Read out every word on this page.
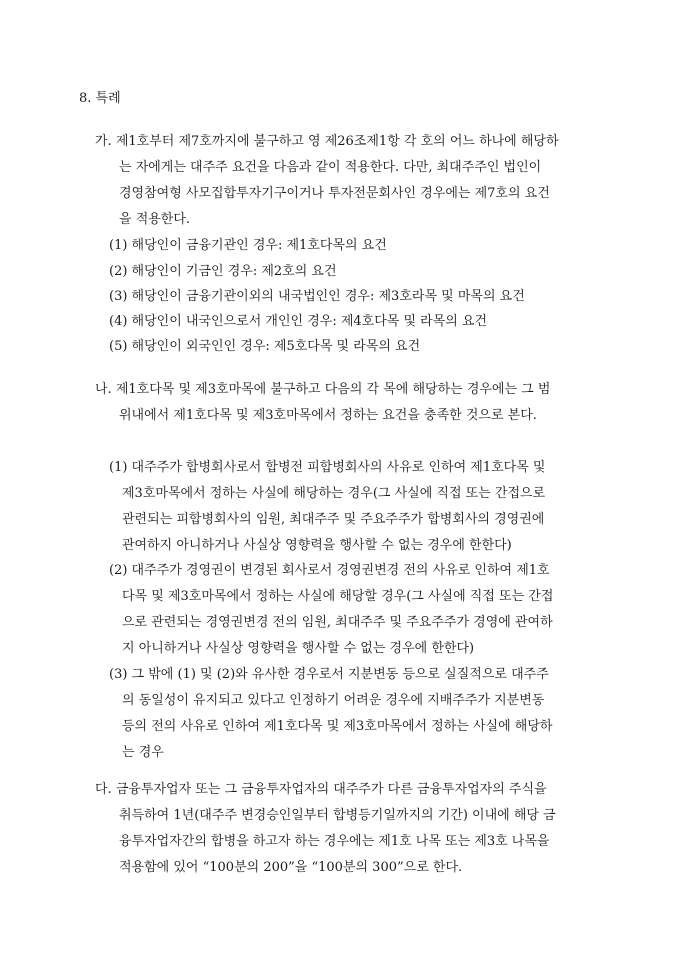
8. 특례
가. 제1호부터 제7호까지에 불구하고 영 제26조제1항 각 호의 어느 하나에 해당하
는 자에게는 대주주 요건을 다음과 같이 적용한다. 다만, 최대주주인 법인이
경영참여형 사모집합투자기구이거나 투자전문회사인 경우에는 제7호의 요건
을 적용한다.
(1) 해당인이 금융기관인 경우: 제1호다목의 요건
(2) 해당인이 기금인 경우: 제2호의 요건
(3) 해당인이 금융기관이외의 내국법인인 경우: 제3호라목 및 마목의 요건
(4) 해당인이 내국인으로서 개인인 경우: 제4호다목 및 라목의 요건
(5) 해당인이 외국인인 경우: 제5호다목 및 라목의 요건
나. 제1호다목 및 제3호마목에 불구하고 다음의 각 목에 해당하는 경우에는 그 범
위내에서 제1호다목 및 제3호마목에서 정하는 요건을 충족한 것으로 본다.
(1) 대주주가 합병회사로서 합병전 피합병회사의 사유로 인하여 제1호다목 및
제3호마목에서 정하는 사실에 해당하는 경우(그 사실에 직접 또는 간접으로
관련되는 피합병회사의 임원, 최대주주 및 주요주주가 합병회사의 경영권에
관여하지 아니하거나 사실상 영향력을 행사할 수 없는 경우에 한한다)
(2) 대주주가 경영권이 변경된 회사로서 경영권변경 전의 사유로 인하여 제1호
다목 및 제3호마목에서 정하는 사실에 해당할 경우(그 사실에 직접 또는 간접
으로 관련되는 경영권변경 전의 임원, 최대주주 및 주요주주가 경영에 관여하
지 아니하거나 사실상 영향력을 행사할 수 없는 경우에 한한다)
(3) 그 밖에 (1) 및 (2)와 유사한 경우로서 지분변동 등으로 실질적으로 대주주
의 동일성이 유지되고 있다고 인정하기 어려운 경우에 지배주주가 지분변동
등의 전의 사유로 인하여 제1호다목 및 제3호마목에서 정하는 사실에 해당하
는 경우
다. 금융투자업자 또는 그 금융투자업자의 대주주가 다른 금융투자업자의 주식을
취득하여 1년(대주주 변경승인일부터 합병등기일까지의 기간) 이내에 해당 금
융투자업자간의 합병을 하고자 하는 경우에는 제1호 나목 또는 제3호 나목을
적용함에 있어 “100분의 200”을 “100분의 300”으로 한다.
